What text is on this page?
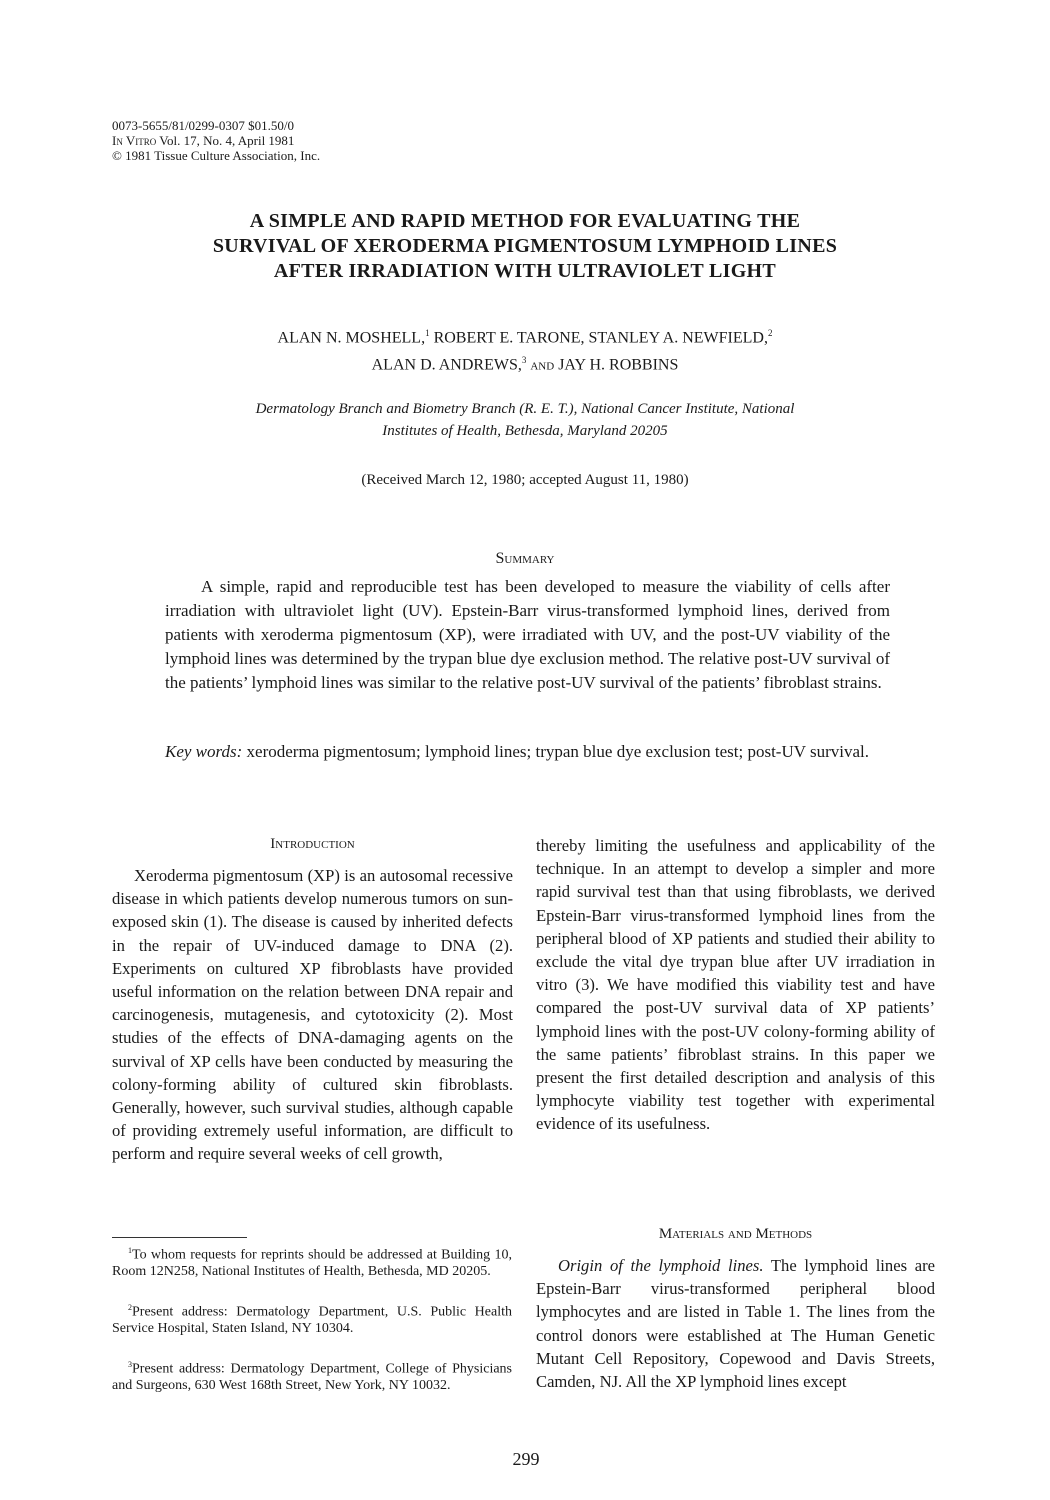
0073-5655/81/0299-0307 $01.50/0
In Vitro Vol. 17, No. 4, April 1981
© 1981 Tissue Culture Association, Inc.
A SIMPLE AND RAPID METHOD FOR EVALUATING THE
SURVIVAL OF XERODERMA PIGMENTOSUM LYMPHOID LINES
AFTER IRRADIATION WITH ULTRAVIOLET LIGHT
ALAN N. MOSHELL,$^1$ ROBERT E. TARONE, STANLEY A. NEWFIELD,$^2$
ALAN D. ANDREWS,$^3$ and JAY H. ROBBINS
Dermatology Branch and Biometry Branch (R. E. T.), National Cancer Institute, National
Institutes of Health, Bethesda, Maryland 20205
(Received March 12, 1980; accepted August 11, 1980)
Summary

A simple, rapid and reproducible test has been developed to measure the viability of cells after irradiation with ultraviolet light (UV). Epstein-Barr virus-transformed lymphoid lines, derived from patients with xeroderma pigmentosum (XP), were irradiated with UV, and the post-UV viability of the lymphoid lines was determined by the trypan blue dye exclusion method. The relative post-UV survival of the patients’ lymphoid lines was similar to the relative post-UV survival of the patients’ fibroblast strains.

Key words: xeroderma pigmentosum; lymphoid lines; trypan blue dye exclusion test; post-UV survival.

Introduction

Xeroderma pigmentosum (XP) is an autosomal recessive disease in which patients develop numerous tumors on sun-exposed skin (1). The disease is caused by inherited defects in the repair of UV-induced damage to DNA (2). Experiments on cultured XP fibroblasts have provided useful information on the relation between DNA repair and carcinogenesis, mutagenesis, and cytotoxicity (2). Most studies of the effects of DNA-damaging agents on the survival of XP cells have been conducted by measuring the colony-forming ability of cultured skin fibroblasts. Generally, however, such survival studies, although capable of providing extremely useful information, are difficult to perform and require several weeks of cell growth,

thereby limiting the usefulness and applicability of the technique. In an attempt to develop a simpler and more rapid survival test than that using fibroblasts, we derived Epstein-Barr virus-transformed lymphoid lines from the peripheral blood of XP patients and studied their ability to exclude the vital dye trypan blue after UV irradiation in vitro (3). We have modified this viability test and have compared the post-UV survival data of XP patients’ lymphoid lines with the post-UV colony-forming ability of the same patients’ fibroblast strains. In this paper we present the first detailed description and analysis of this lymphocyte viability test together with experimental evidence of its usefulness.

Materials and Methods

Origin of the lymphoid lines. The lymphoid lines are Epstein-Barr virus-transformed peripheral blood lymphocytes and are listed in Table 1. The lines from the control donors were established at The Human Genetic Mutant Cell Repository, Copewood and Davis Streets, Camden, NJ. All the XP lymphoid lines except

$^1$To whom requests for reprints should be addressed at Building 10, Room 12N258, National Institutes of Health, Bethesda, MD 20205.

$^2$Present address: Dermatology Department, U.S. Public Health Service Hospital, Staten Island, NY 10304.

$^3$Present address: Dermatology Department, College of Physicians and Surgeons, 630 West 168th Street, New York, NY 10032.

299
